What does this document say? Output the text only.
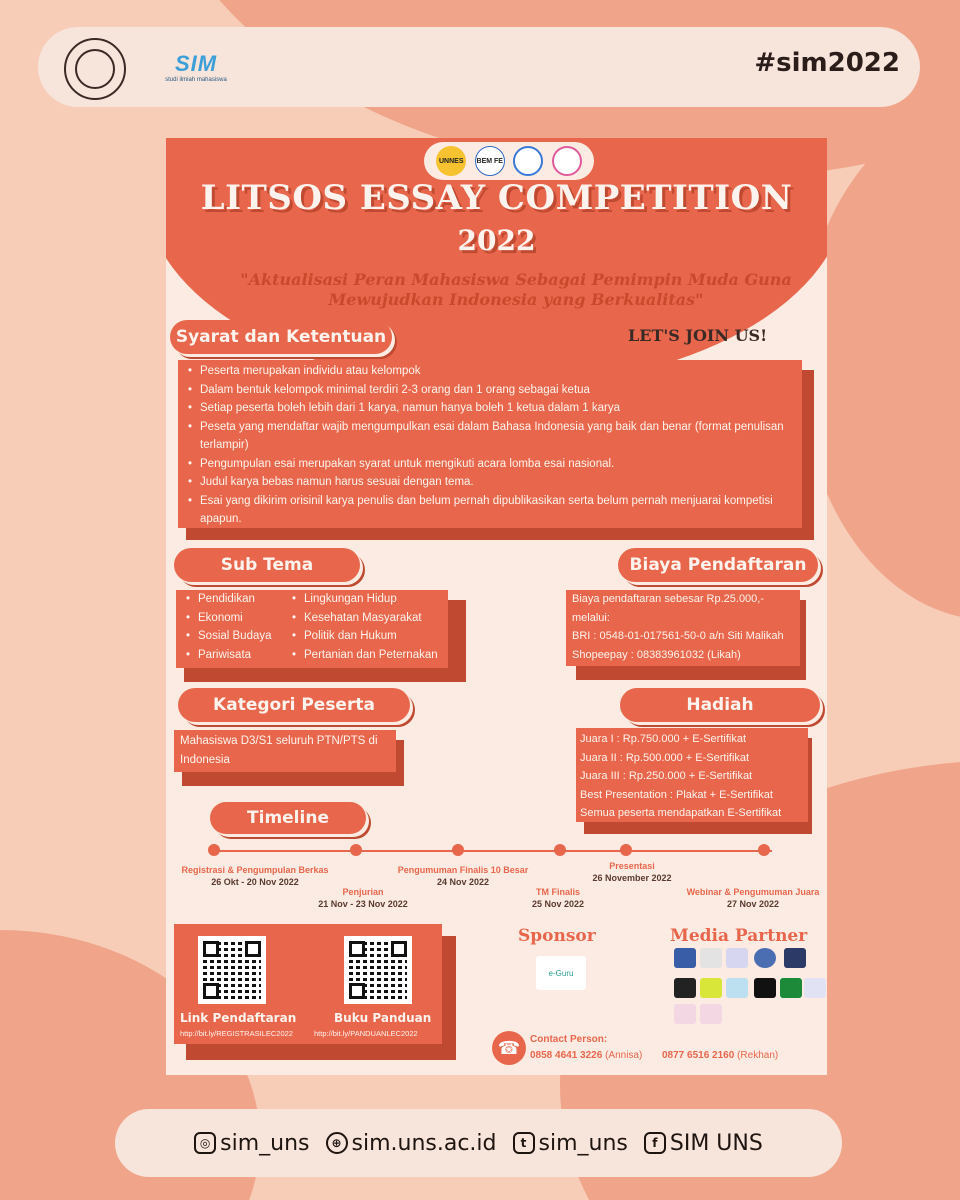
SIM
studi ilmiah mahasiswa
#sim2022
UNNES	BEM FE
LITSOS ESSAY COMPETITION
2022
"Aktualisasi Peran Mahasiswa Sebagai Pemimpin Muda Guna Mewujudkan Indonesia yang Berkualitas"
Syarat dan Ketentuan	LET'S JOIN US!
• Peserta merupakan individu atau kelompok
• Dalam bentuk kelompok minimal terdiri 2-3 orang dan 1 orang sebagai ketua
• Setiap peserta boleh lebih dari 1 karya, namun hanya boleh 1 ketua dalam 1 karya
• Peseta yang mendaftar wajib mengumpulkan esai dalam Bahasa Indonesia yang baik dan benar (format penulisan terlampir)
• Pengumpulan esai merupakan syarat untuk mengikuti acara lomba esai nasional.
• Judul karya bebas namun harus sesuai dengan tema.
• Esai yang dikirim orisinil karya penulis dan belum pernah dipublikasikan serta belum pernah menjuarai kompetisi apapun.
Sub Tema
• Pendidikan
• Ekonomi
• Sosial Budaya
• Pariwisata
• Lingkungan Hidup
• Kesehatan Masyarakat
• Politik dan Hukum
• Pertanian dan Peternakan
Biaya Pendaftaran
Biaya pendaftaran sebesar Rp.25.000,-
melalui:
BRI : 0548-01-017561-50-0 a/n Siti Malikah
Shopeepay : 08383961032 (Likah)
Kategori Peserta
Mahasiswa D3/S1 seluruh PTN/PTS di Indonesia
Hadiah
Juara I : Rp.750.000 + E-Sertifikat
Juara II : Rp.500.000 + E-Sertifikat
Juara III : Rp.250.000 + E-Sertifikat
Best Presentation : Plakat + E-Sertifikat
Semua peserta mendapatkan E-Sertifikat
Timeline
Registrasi & Pengumpulan Berkas
26 Okt - 20 Nov 2022
Penjurian
21 Nov - 23 Nov 2022
Pengumuman Finalis 10 Besar
24 Nov 2022
TM Finalis
25 Nov 2022
Presentasi
26 November 2022
Webinar & Pengumuman Juara
27 Nov 2022
Link Pendaftaran
http://bit.ly/REGISTRASILEC2022
Buku Panduan
http://bit.ly/PANDUANLEC2022
Sponsor
e-Guru
Media Partner
☎ Contact Person:
0858 4641 3226 (Annisa) 0877 6516 2160 (Rekhan)
◎ sim_uns	⊕ sim.uns.ac.id	t sim_uns	f SIM UNS
